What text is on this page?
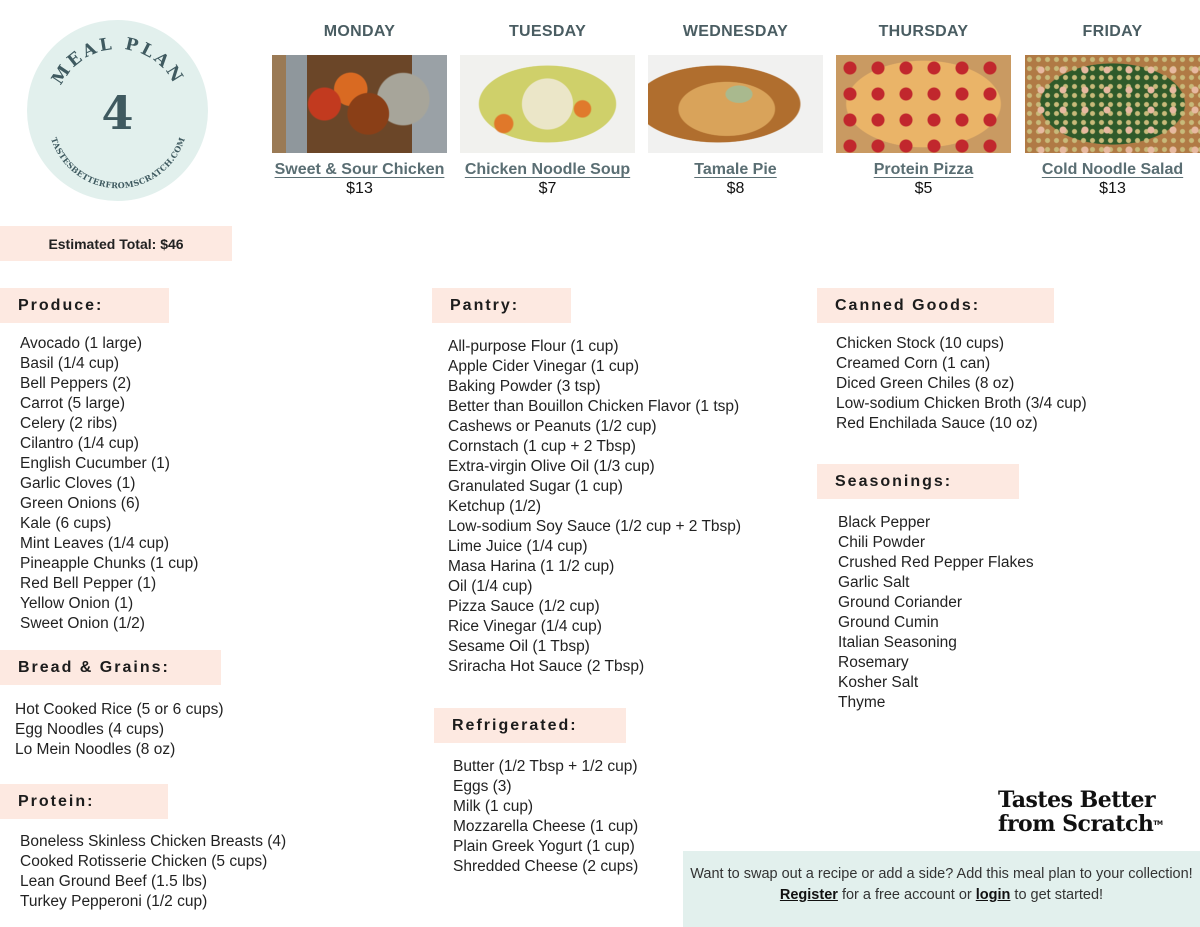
MEAL PLAN
TASTESBETTERFROMSCRATCH.COM
4
MONDAY
Sweet & Sour Chicken
$13
TUESDAY
Chicken Noodle Soup
$7
WEDNESDAY
Tamale Pie
$8
THURSDAY
Protein Pizza
$5
FRIDAY
Cold Noodle Salad
$13
Estimated Total: $46
Produce:
Avocado (1 large)
Basil (1/4 cup)
Bell Peppers (2)
Carrot (5 large)
Celery (2 ribs)
Cilantro (1/4 cup)
English Cucumber (1)
Garlic Cloves (1)
Green Onions (6)
Kale (6 cups)
Mint Leaves (1/4 cup)
Pineapple Chunks (1 cup)
Red Bell Pepper (1)
Yellow Onion (1)
Sweet Onion (1/2)
Bread & Grains:
Hot Cooked Rice (5 or 6 cups)
Egg Noodles (4 cups)
Lo Mein Noodles (8 oz)
Protein:
Boneless Skinless Chicken Breasts (4)
Cooked Rotisserie Chicken (5 cups)
Lean Ground Beef (1.5 lbs)
Turkey Pepperoni (1/2 cup)
Pantry:
All-purpose Flour (1 cup)
Apple Cider Vinegar (1 cup)
Baking Powder (3 tsp)
Better than Bouillon Chicken Flavor (1 tsp)
Cashews or Peanuts (1/2 cup)
Cornstach (1 cup + 2 Tbsp)
Extra-virgin Olive Oil (1/3 cup)
Granulated Sugar (1 cup)
Ketchup (1/2)
Low-sodium Soy Sauce (1/2 cup + 2 Tbsp)
Lime Juice (1/4 cup)
Masa Harina (1 1/2 cup)
Oil (1/4 cup)
Pizza Sauce (1/2 cup)
Rice Vinegar (1/4 cup)
Sesame Oil (1 Tbsp)
Sriracha Hot Sauce (2 Tbsp)
Refrigerated:
Butter (1/2 Tbsp + 1/2 cup)
Eggs (3)
Milk (1 cup)
Mozzarella Cheese (1 cup)
Plain Greek Yogurt (1 cup)
Shredded Cheese (2 cups)
Canned Goods:
Chicken Stock (10 cups)
Creamed Corn (1 can)
Diced Green Chiles (8 oz)
Low-sodium Chicken Broth (3/4 cup)
Red Enchilada Sauce (10 oz)
Seasonings:
Black Pepper
Chili Powder
Crushed Red Pepper Flakes
Garlic Salt
Ground Coriander
Ground Cumin
Italian Seasoning
Rosemary
Kosher Salt
Thyme
Tastes Better
from ScratchTM
Want to swap out a recipe or add a side? Add this meal plan to your collection! Register for a free account or login to get started!
